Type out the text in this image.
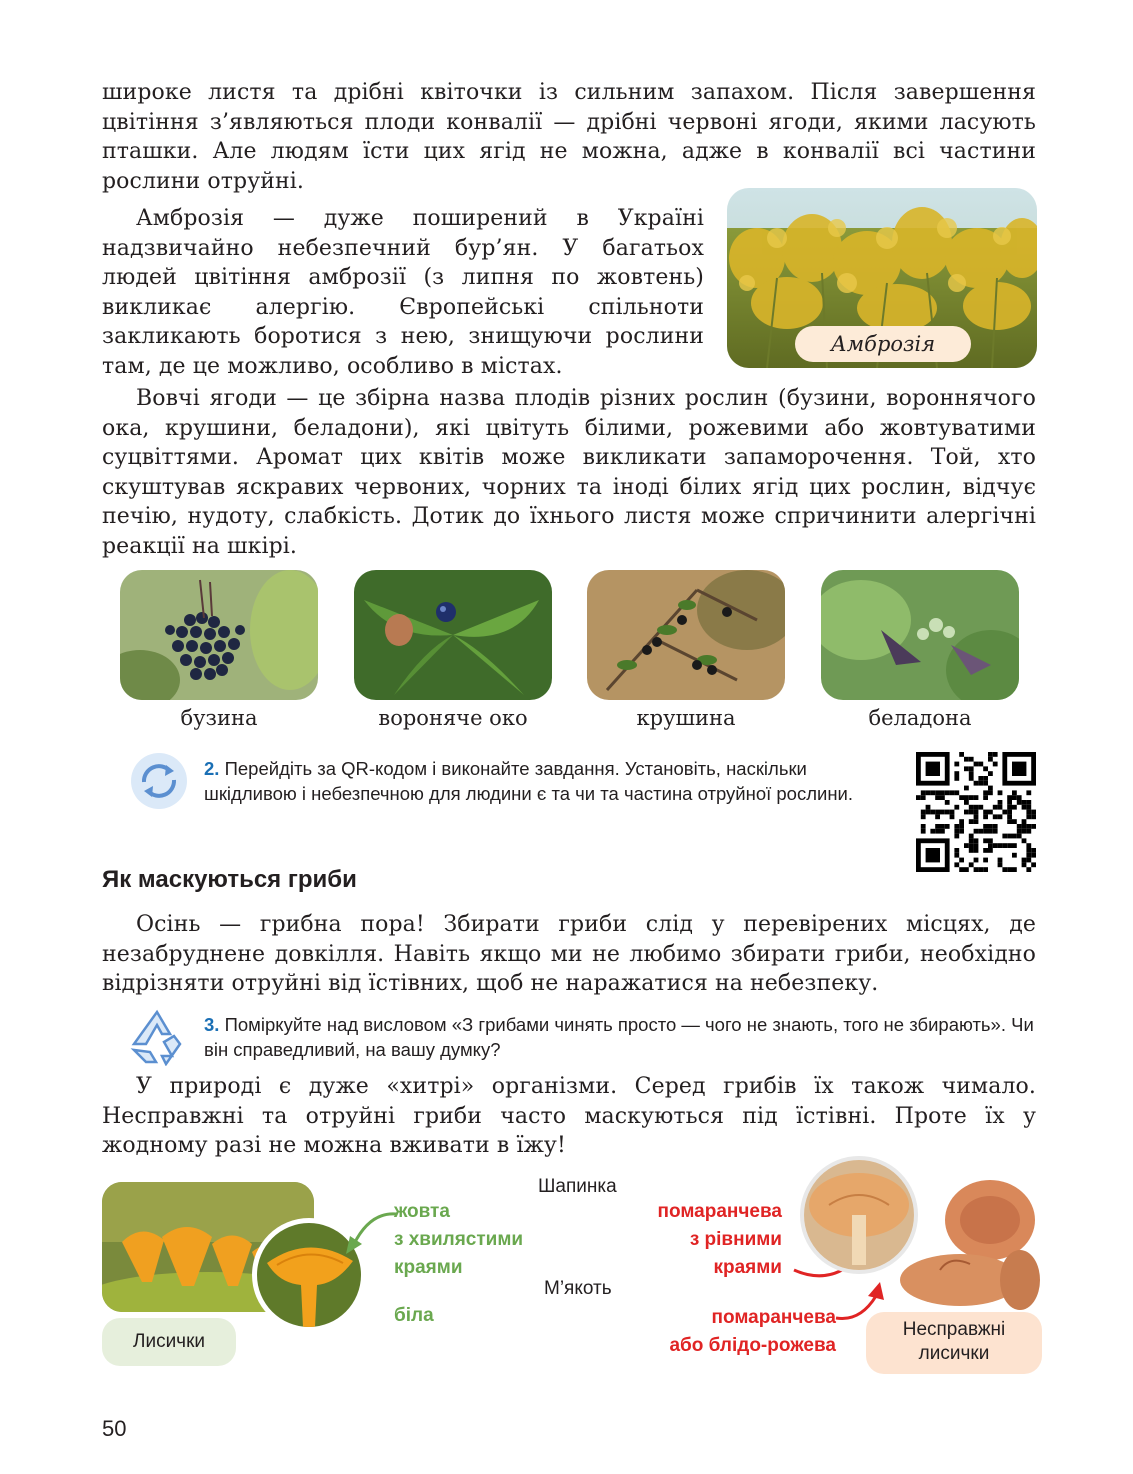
широке листя та дрібні квіточки із сильним запахом. Після завершення цвітіння з’являються плоди конвалії — дрібні червоні ягоди, якими ласують пташки. Але людям їсти цих ягід не можна, адже в конвалії всі частини рослини отруйні.

Амброзія — дуже поширений в Україні надзвичайно небезпечний бур’ян. У багатьох людей цвітіння амброзії (з липня по жовтень) викликає алергію. Європейські спільноти закликають боротися з нею, знищуючи рослини там, де це можливо, особливо в містах.

Амброзія

Вовчі ягоди — це збірна назва плодів різних рослин (бузини, вороннячого ока, крушини, беладони), які цвітуть білими, рожевими або жовтуватими суцвіттями. Аромат цих квітів може викликати запаморочення. Той, хто скуштував яскравих червоних, чорних та іноді білих ягід цих рослин, відчує печію, нудоту, слабкість. Дотик до їхнього листя може спричинити алергічні реакції на шкірі.

бузина	вороняче око	крушина	беладона

2. Перейдіть за QR-кодом і виконайте завдання. Установіть, наскільки шкідливою і небезпечною для людини є та чи та частина отруйної рослини.

Як маскуються гриби

Осінь — грибна пора! Збирати гриби слід у перевірених місцях, де незабруднене довкілля. Навіть якщо ми не любимо збирати гриби, необхідно відрізняти отруйні від їстівних, щоб не наражатися на небезпеку.

3. Поміркуйте над висловом «З грибами чинять просто — чого не знають, того не збирають». Чи він справедливий, на вашу думку?

У природі є дуже «хитрі» організми. Серед грибів їх також чимало. Несправжні та отруйні гриби часто маскуються під їстівні. Проте їх у жодному разі не можна вживати в їжу!

Лисички
жовта
з хвилястими
краями
біла
Шапинка
М’якоть
помаранчева
з рівними
краями
помаранчева
або блідо-рожева
Несправжні
лисички
50
